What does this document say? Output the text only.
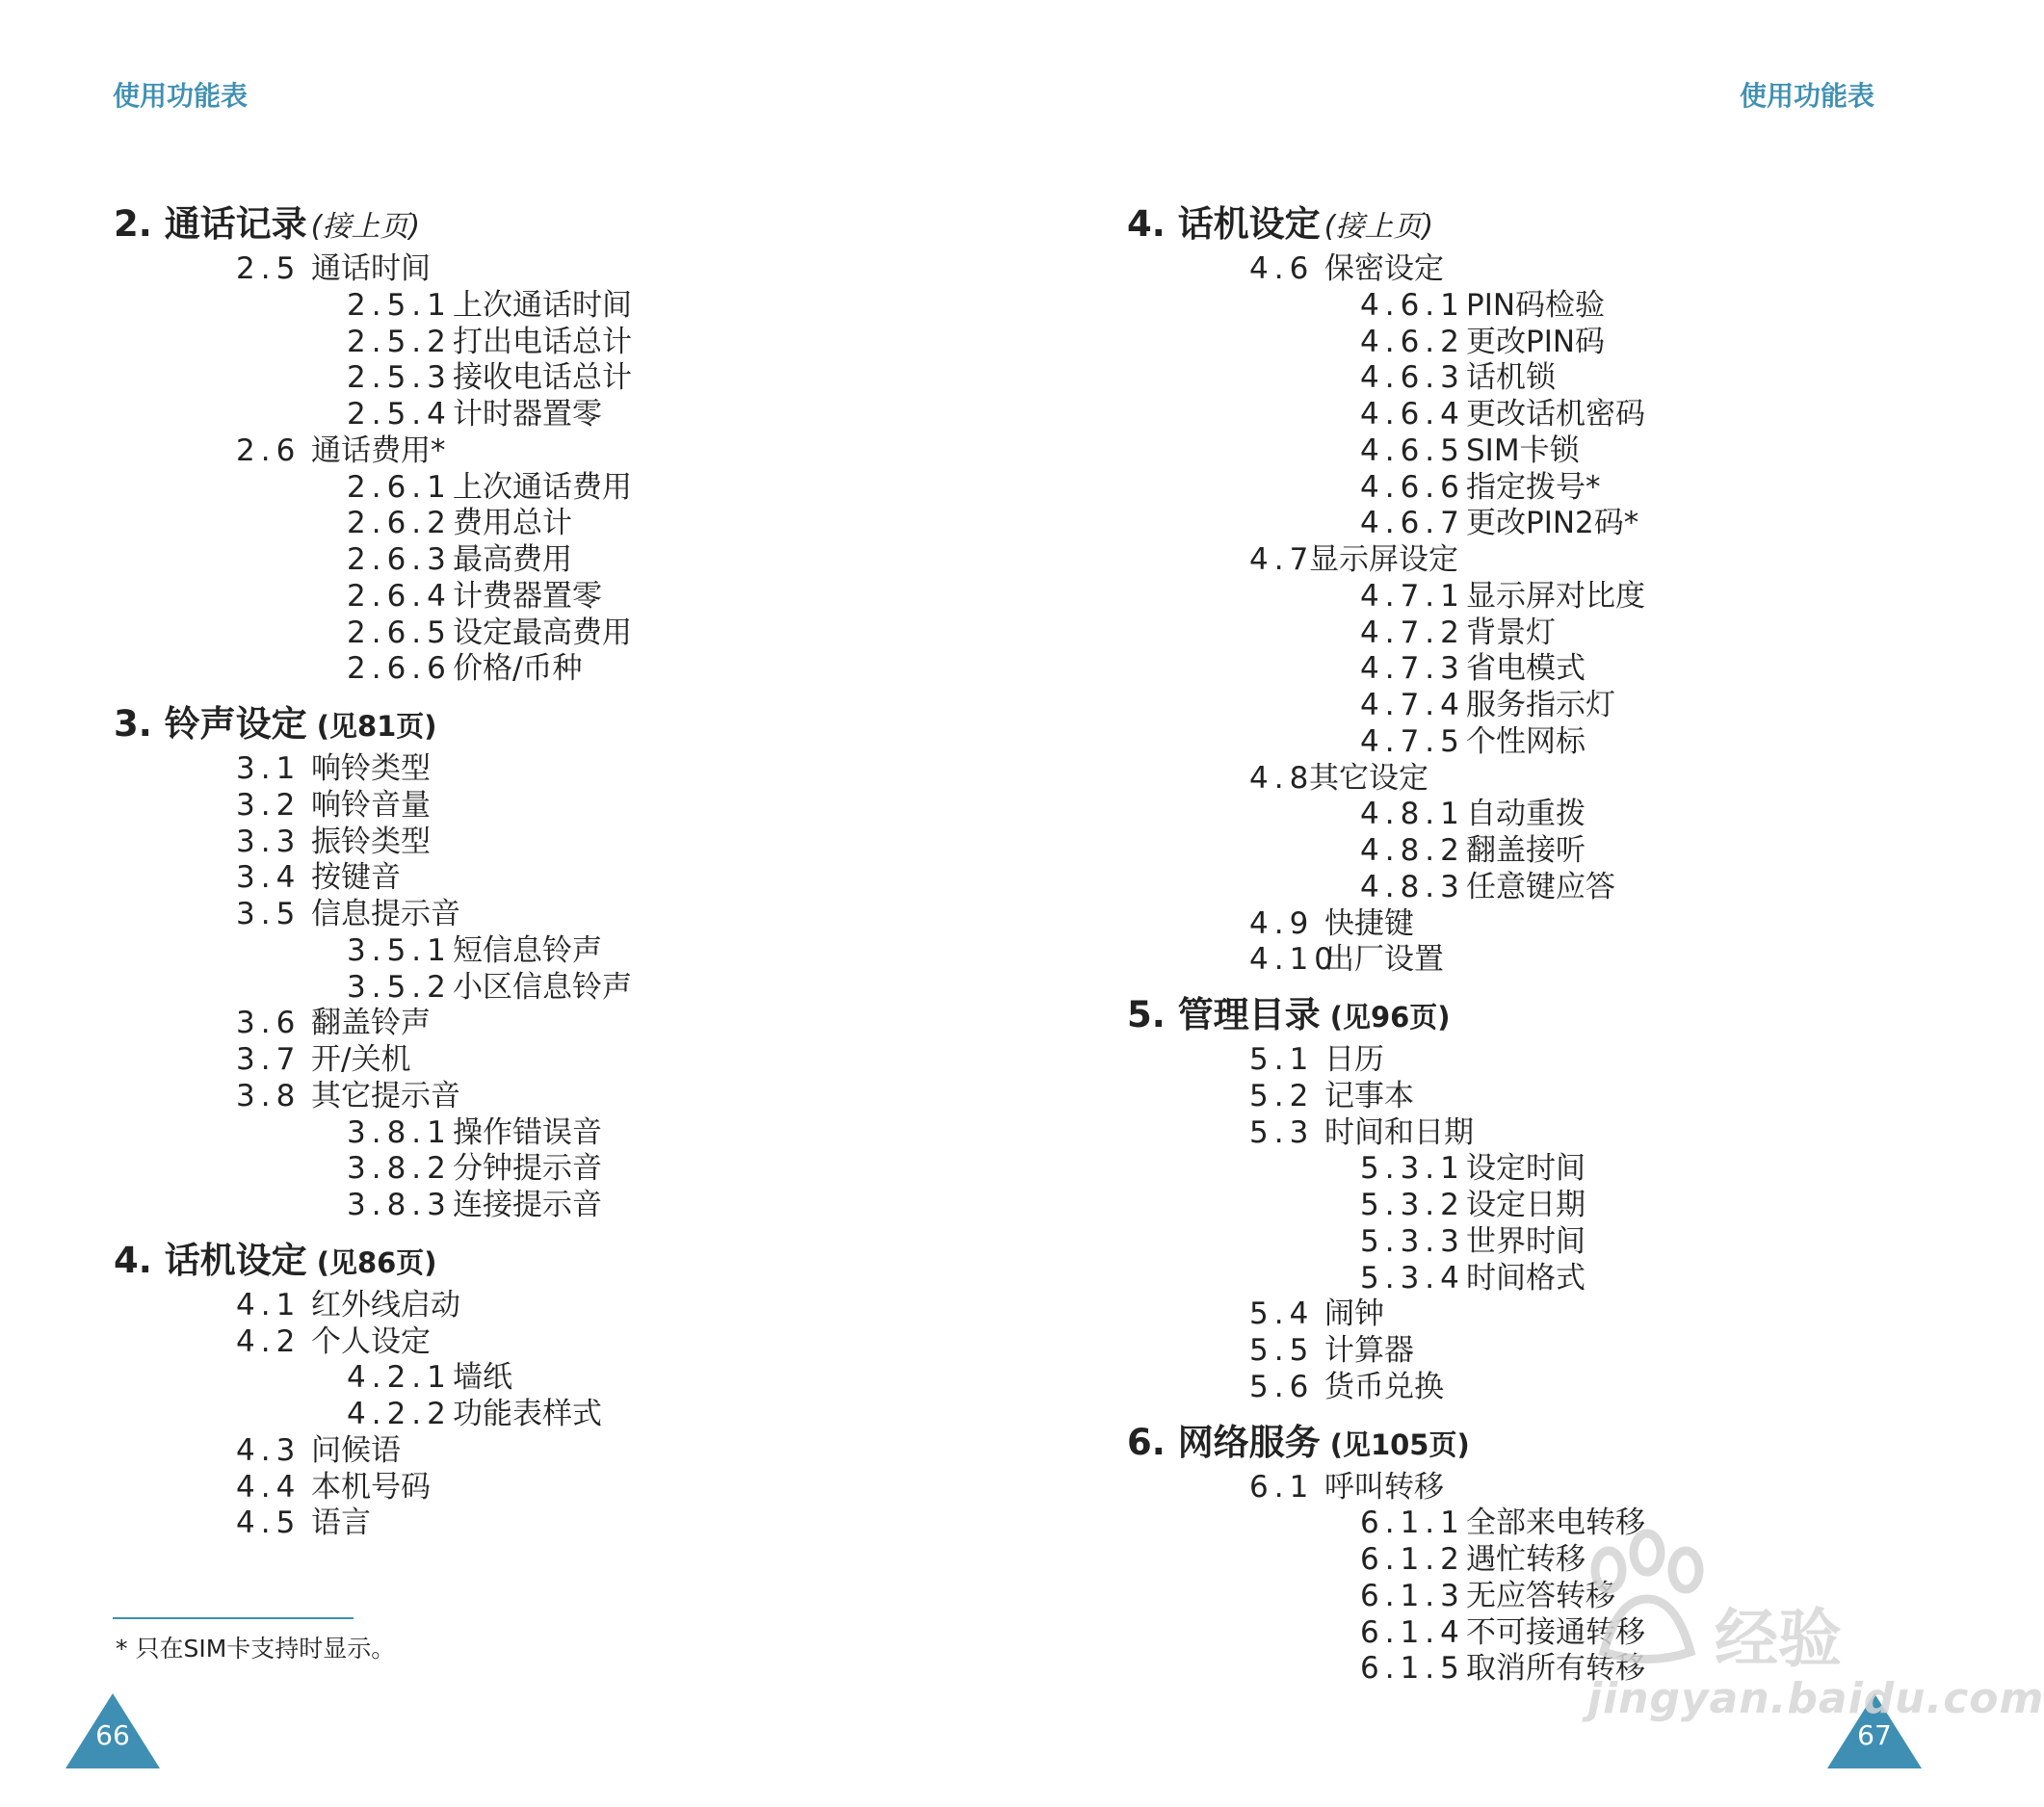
使用功能表	使用功能表
2. 通话记录 (接上页)
2.5 通话时间
2.5.1上次通话时间
2.5.2打出电话总计
2.5.3接收电话总计
2.5.4计时器置零
2.6 通话费用*
2.6.1上次通话费用
2.6.2费用总计
2.6.3最高费用
2.6.4计费器置零
2.6.5设定最高费用
2.6.6价格/币种
3. 铃声设定 (见81页)
3.1 响铃类型
3.2 响铃音量
3.3 振铃类型
3.4 按键音
3.5 信息提示音
3.5.1短信息铃声
3.5.2小区信息铃声
3.6 翻盖铃声
3.7 开/关机
3.8 其它提示音
3.8.1操作错误音
3.8.2分钟提示音
3.8.3连接提示音
4. 话机设定 (见86页)
4.1 红外线启动
4.2 个人设定
4.2.1墙纸
4.2.2功能表样式
4.3 问候语
4.4 本机号码
4.5 语言
4. 话机设定 (接上页)
4.6 保密设定
4.6.1PIN码检验
4.6.2更改PIN码
4.6.3话机锁
4.6.4更改话机密码
4.6.5SIM卡锁
4.6.6指定拨号*
4.6.7更改PIN2码*
4.7显示屏设定
4.7.1显示屏对比度
4.7.2背景灯
4.7.3省电模式
4.7.4服务指示灯
4.7.5个性网标
4.8其它设定
4.8.1自动重拨
4.8.2翻盖接听
4.8.3任意键应答
4.9 快捷键
4.10出厂设置
5. 管理目录 (见96页)
5.1 日历
5.2 记事本
5.3 时间和日期
5.3.1设定时间
5.3.2设定日期
5.3.3世界时间
5.3.4时间格式
5.4 闹钟
5.5 计算器
5.6 货币兑换
6. 网络服务 (见105页)
6.1 呼叫转移
6.1.1全部来电转移
6.1.2遇忙转移
6.1.3无应答转移
6.1.4不可接通转移
6.1.5取消所有转移
* 只在SIM卡支持时显示。
66	67
经验
jingyan.baidu.com
